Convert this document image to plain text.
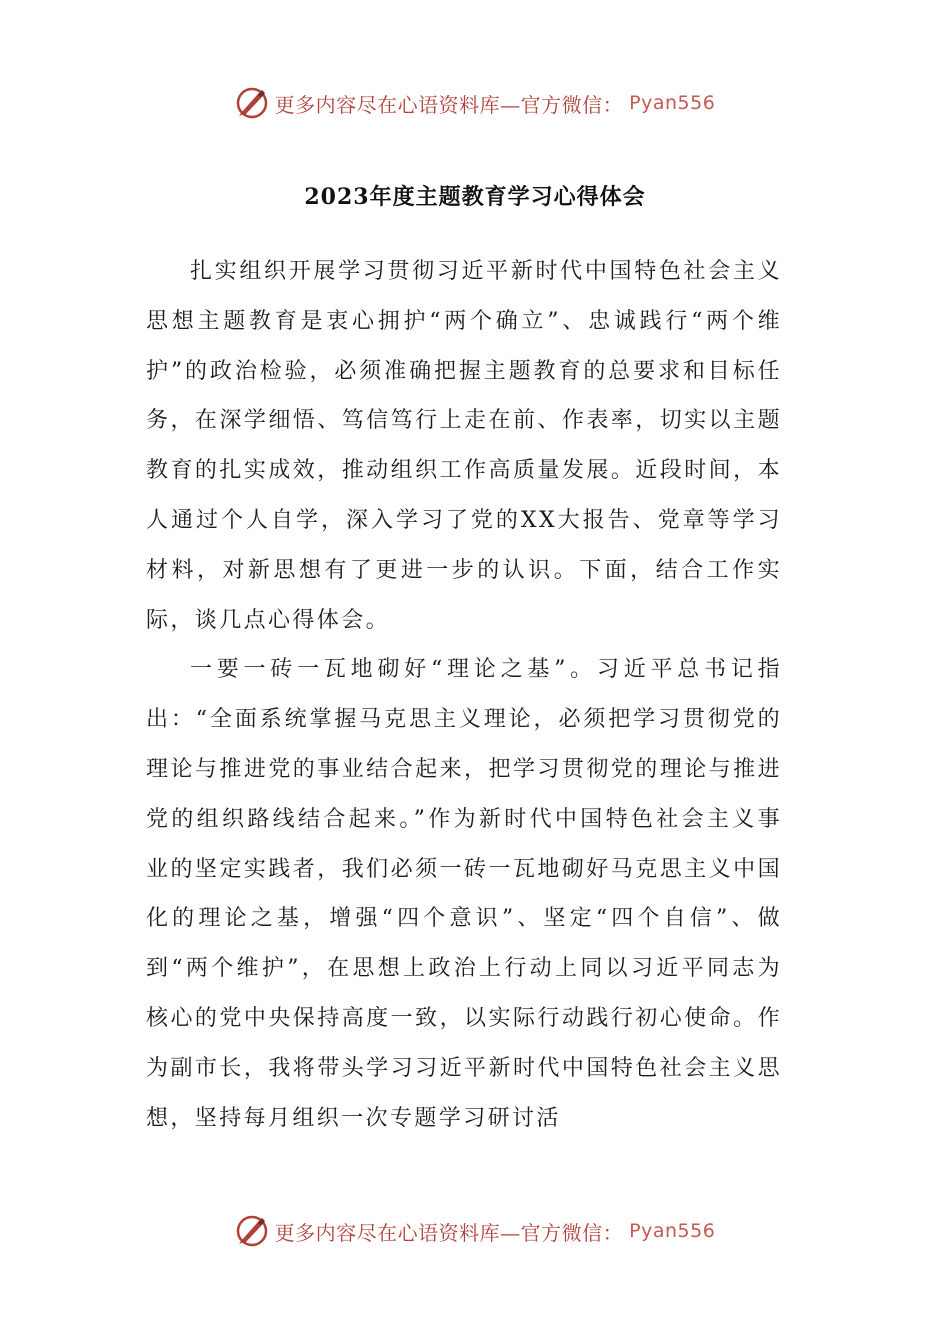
更多内容尽在心语资料库—官方微信： Pyan556
2023年度主题教育学习心得体会

扎实组织开展学习贯彻习近平新时代中国特色社会主义思想主题教育是衷心拥护“两个确立”、忠诚践行“两个维护”的政治检验，必须准确把握主题教育的总要求和目标任务，在深学细悟、笃信笃行上走在前、作表率，切实以主题教育的扎实成效，推动组织工作高质量发展。近段时间，本人通过个人自学，深入学习了党的XX大报告、党章等学习材料，对新思想有了更进一步的认识。下面，结合工作实际，谈几点心得体会。

一要一砖一瓦地砌好“理论之基”。习近平总书记指出：“全面系统掌握马克思主义理论，必须把学习贯彻党的理论与推进党的事业结合起来，把学习贯彻党的理论与推进党的组织路线结合起来。”作为新时代中国特色社会主义事业的坚定实践者，我们必须一砖一瓦地砌好马克思主义中国化的理论之基，增强“四个意识”、坚定“四个自信”、做到“两个维护”，在思想上政治上行动上同以习近平同志为核心的党中央保持高度一致，以实际行动践行初心使命。作为副市长，我将带头学习习近平新时代中国特色社会主义思想，坚持每月组织一次专题学习研讨活

更多内容尽在心语资料库—官方微信： Pyan556
